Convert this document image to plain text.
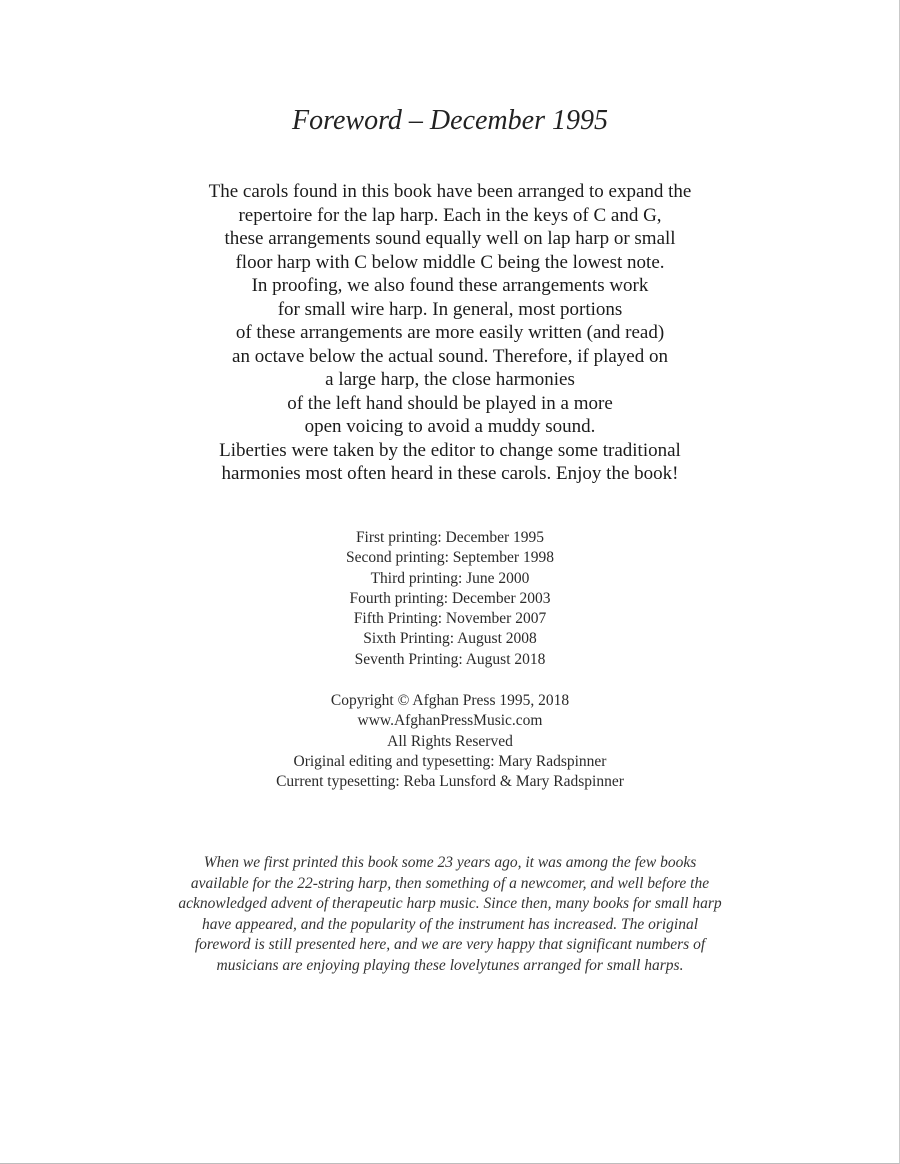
Foreword – December 1995
The carols found in this book have been arranged to expand the
repertoire for the lap harp. Each in the keys of C and G,
these arrangements sound equally well on lap harp or small
floor harp with C below middle C being the lowest note.
In proofing, we also found these arrangements work
for small wire harp. In general, most portions
of these arrangements are more easily written (and read)
an octave below the actual sound. Therefore, if played on
a large harp, the close harmonies
of the left hand should be played in a more
open voicing to avoid a muddy sound.
Liberties were taken by the editor to change some traditional
harmonies most often heard in these carols. Enjoy the book!
First printing: December 1995
Second printing: September 1998
Third printing: June 2000
Fourth printing: December 2003
Fifth Printing: November 2007
Sixth Printing: August 2008
Seventh Printing: August 2018
Copyright © Afghan Press 1995, 2018
www.AfghanPressMusic.com
All Rights Reserved
Original editing and typesetting: Mary Radspinner
Current typesetting: Reba Lunsford & Mary Radspinner
When we first printed this book some 23 years ago, it was among the few books
available for the 22-string harp, then something of a newcomer, and well before the
acknowledged advent of therapeutic harp music. Since then, many books for small harp
have appeared, and the popularity of the instrument has increased. The original
foreword is still presented here, and we are very happy that significant numbers of
musicians are enjoying playing these lovelytunes arranged for small harps.
